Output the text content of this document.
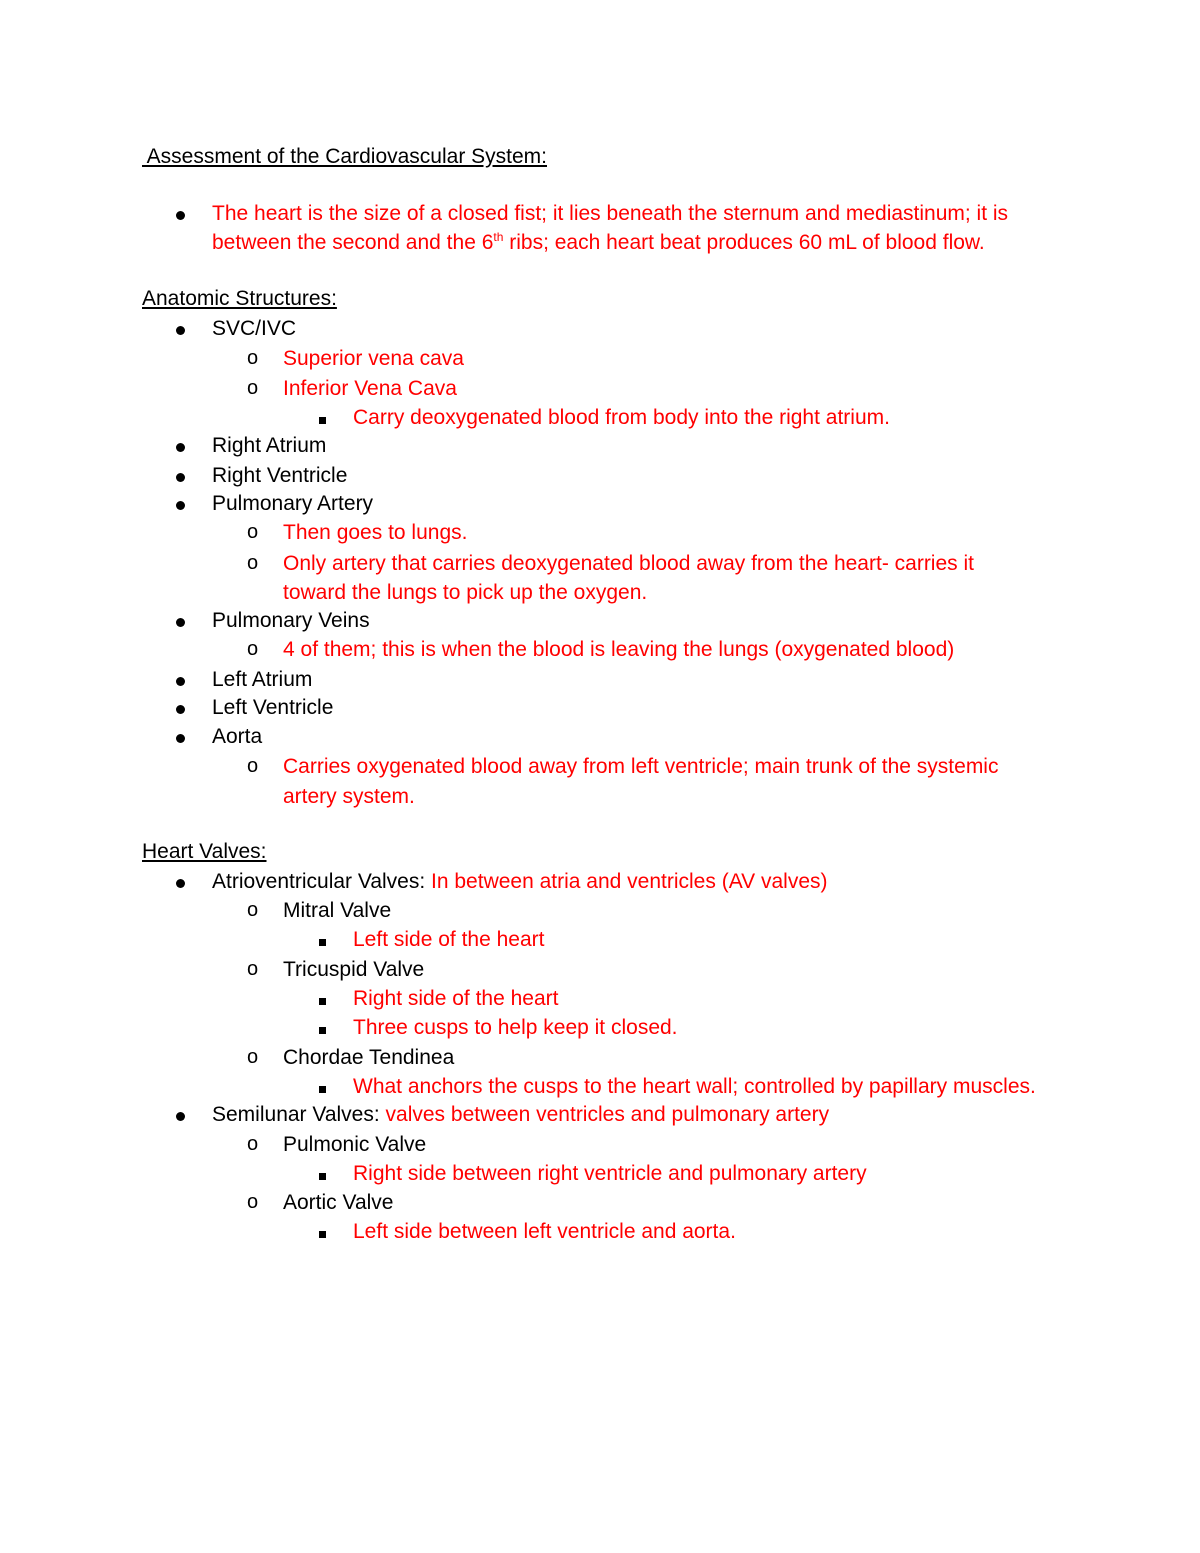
Assessment of the Cardiovascular System:
The heart is the size of a closed fist; it lies beneath the sternum and mediastinum; it is
between the second and the 6th ribs; each heart beat produces 60 mL of blood flow.
Anatomic Structures:
SVC/IVC
o Superior vena cava
o Inferior Vena Cava
Carry deoxygenated blood from body into the right atrium.
Right Atrium
Right Ventricle
Pulmonary Artery
o Then goes to lungs.
o Only artery that carries deoxygenated blood away from the heart- carries it
toward the lungs to pick up the oxygen.
Pulmonary Veins
o 4 of them; this is when the blood is leaving the lungs (oxygenated blood)
Left Atrium
Left Ventricle
Aorta
o Carries oxygenated blood away from left ventricle; main trunk of the systemic
artery system.
Heart Valves:
Atrioventricular Valves: In between atria and ventricles (AV valves)
o Mitral Valve
Left side of the heart
o Tricuspid Valve
Right side of the heart
Three cusps to help keep it closed.
o Chordae Tendinea
What anchors the cusps to the heart wall; controlled by papillary muscles.
Semilunar Valves: valves between ventricles and pulmonary artery
o Pulmonic Valve
Right side between right ventricle and pulmonary artery
o Aortic Valve
Left side between left ventricle and aorta.
